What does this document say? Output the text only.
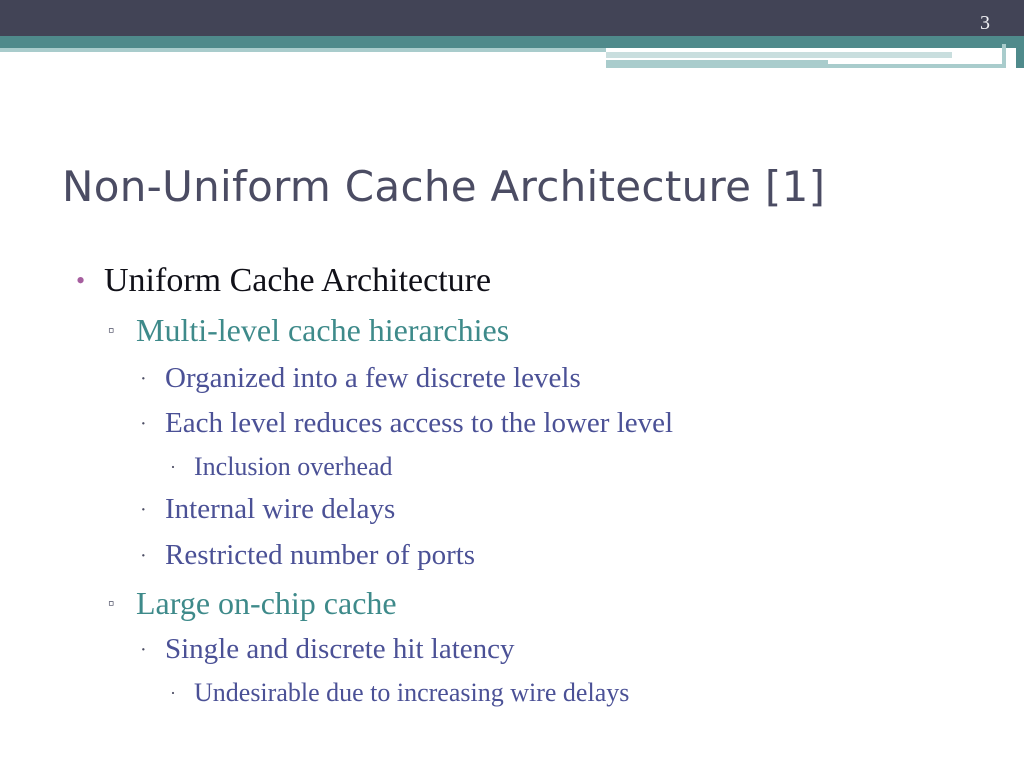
3
Non-Uniform Cache Architecture [1]
• Uniform Cache Architecture
▫ Multi-level cache hierarchies
· Organized into a few discrete levels
· Each level reduces access to the lower level
· Inclusion overhead
· Internal wire delays
· Restricted number of ports
▫ Large on-chip cache
· Single and discrete hit latency
· Undesirable due to increasing wire delays
